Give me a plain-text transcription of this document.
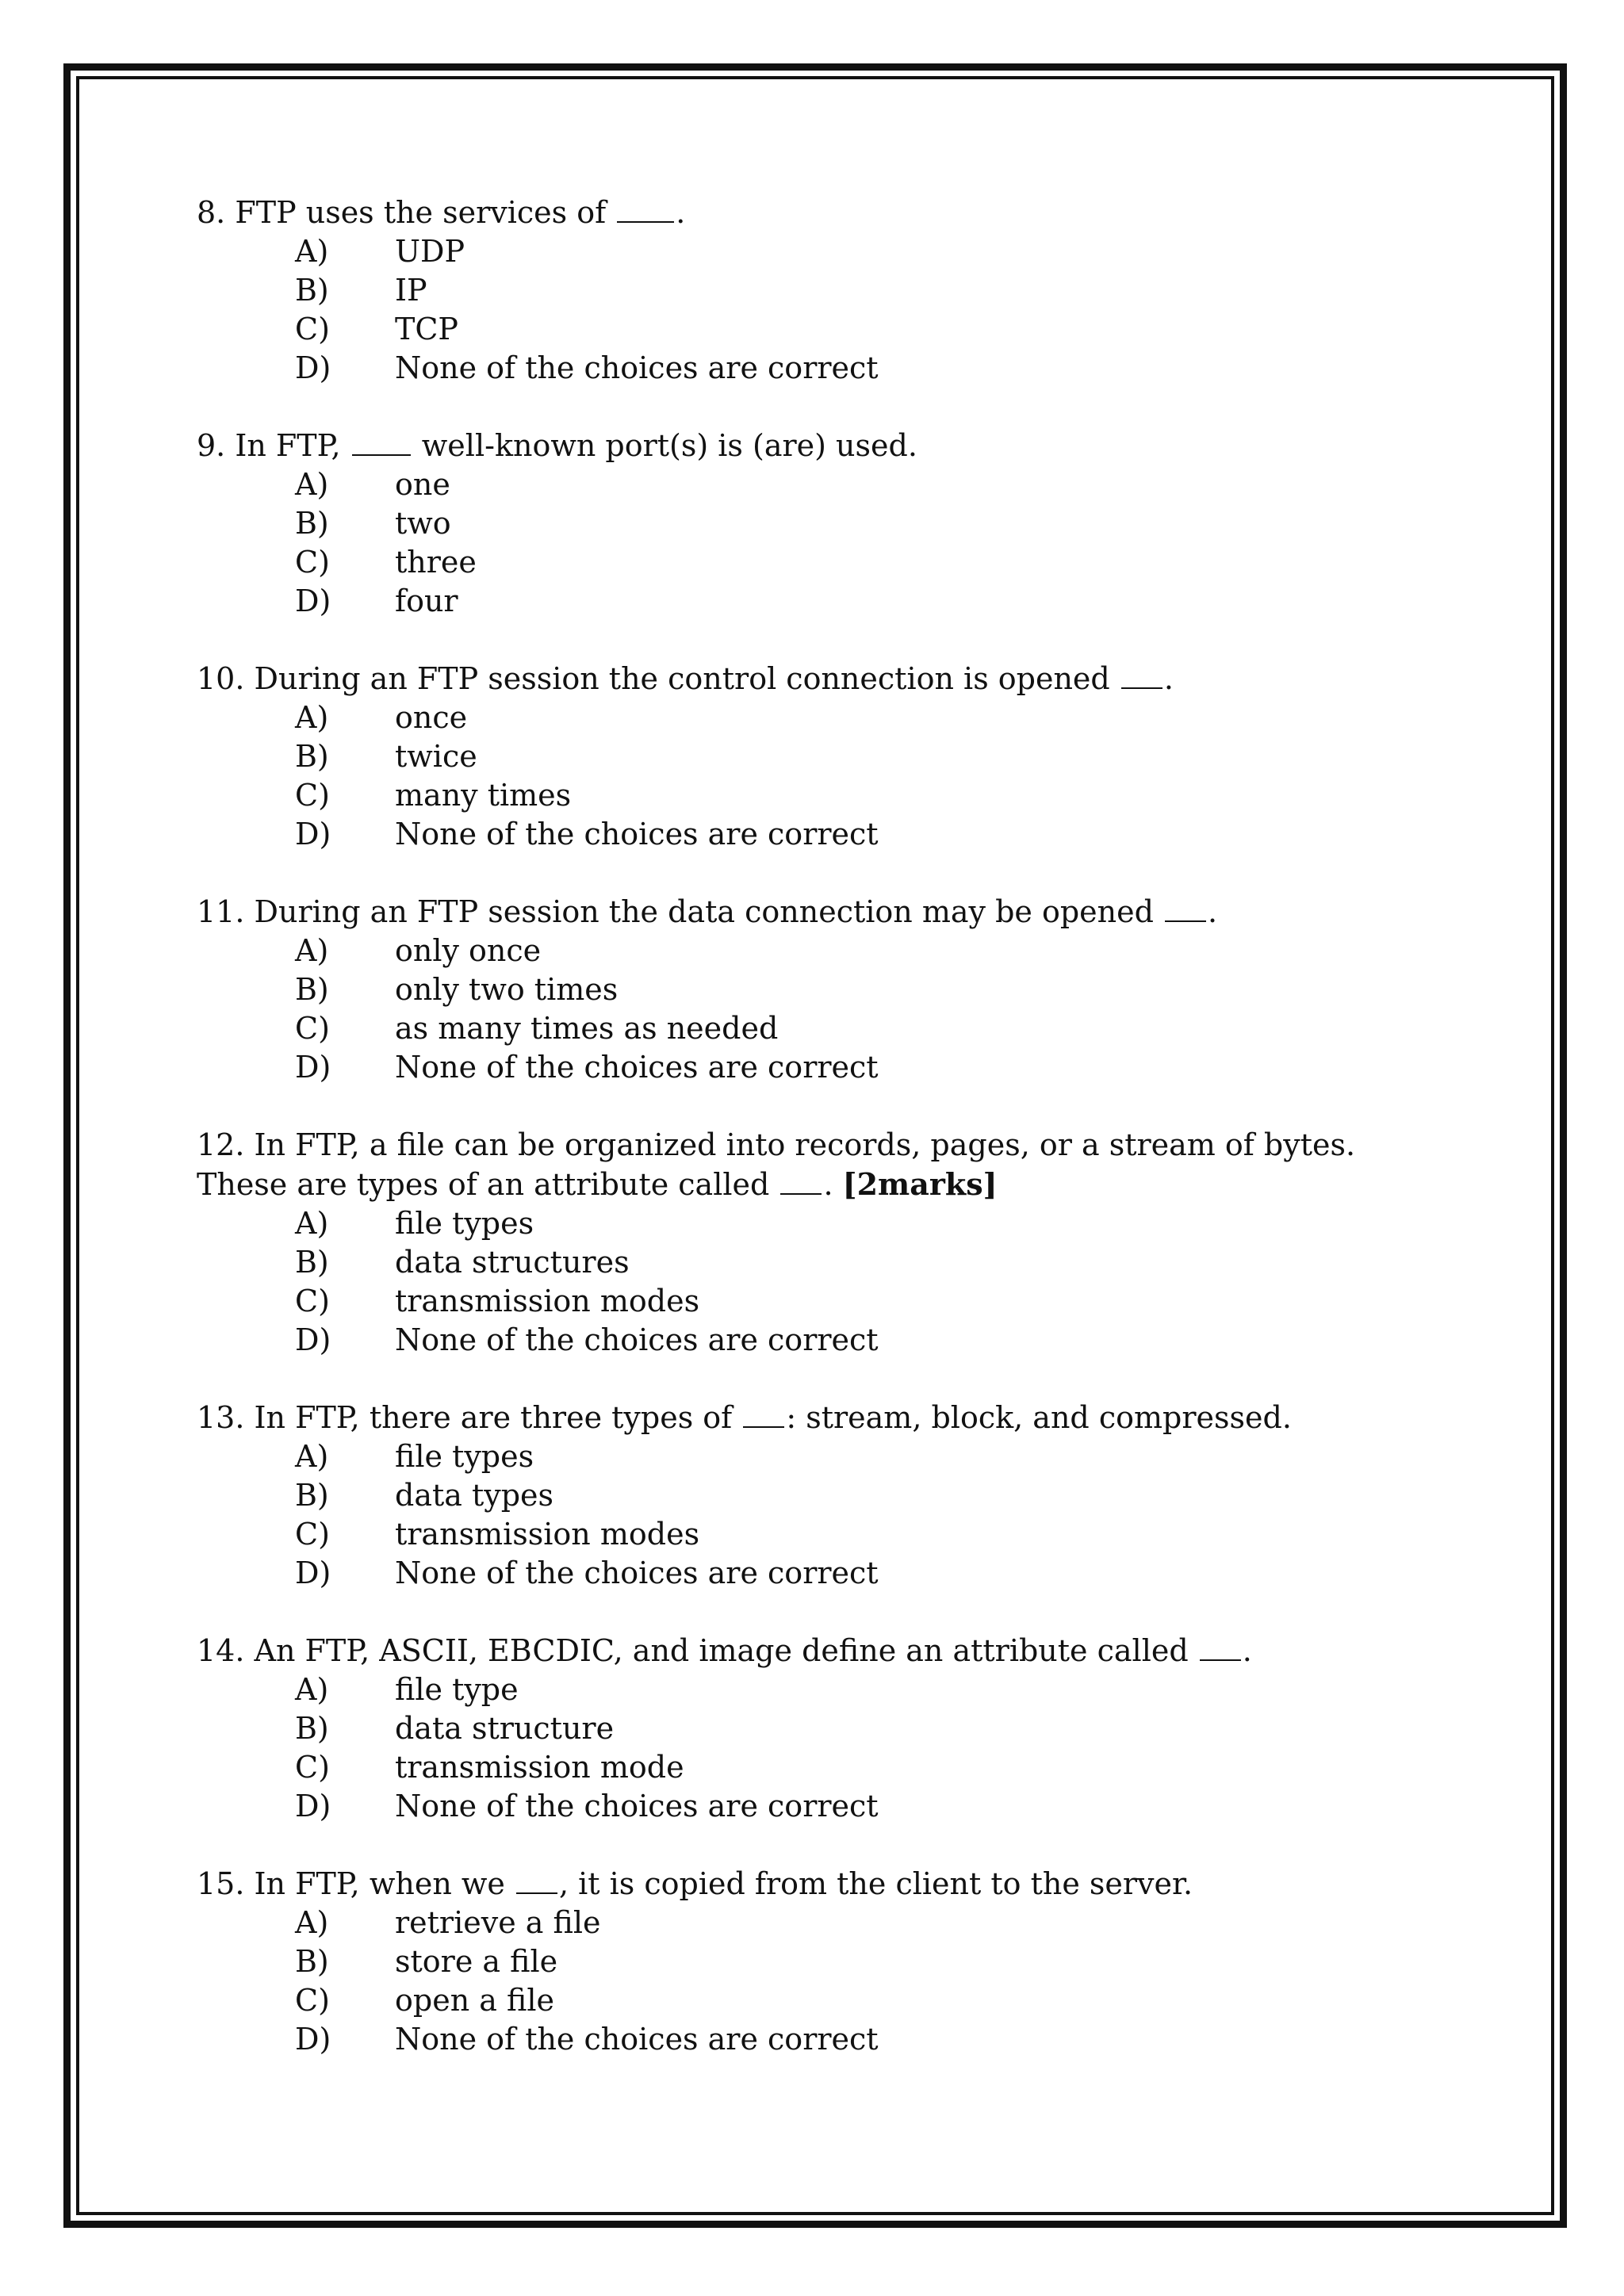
8. FTP uses the services of .

A) UDP
B) IP
C) TCP
D) None of the choices are correct

9. In FTP,	well-known port(s) is (are) used.

A) one
B) two
C) three
D) four

10. During an FTP session the control connection is opened .

A) once
B) twice
C) many times
D) None of the choices are correct

11. During an FTP session the data connection may be opened .

A) only once
B) only two times
C) as many times as needed
D) None of the choices are correct

12. In FTP, a file can be organized into records, pages, or a stream of bytes. These are types of an attribute called . [2marks]

A) file types
B) data structures
C) transmission modes
D) None of the choices are correct

13. In FTP, there are three types of : stream, block, and compressed.

A) file types
B) data types
C) transmission modes
D) None of the choices are correct

14. An FTP, ASCII, EBCDIC, and image define an attribute called .

A) file type
B) data structure
C) transmission mode
D) None of the choices are correct

15. In FTP, when we , it is copied from the client to the server.

A) retrieve a file
B) store a file
C) open a file
D) None of the choices are correct
